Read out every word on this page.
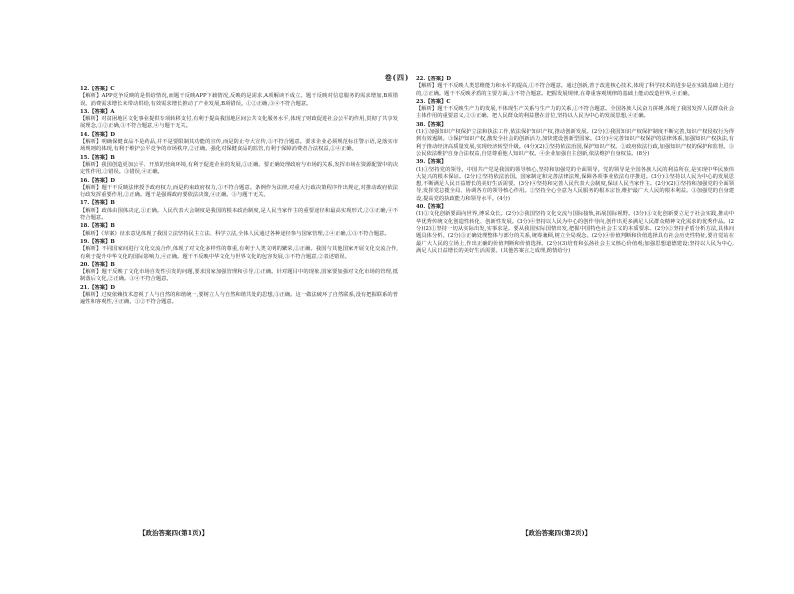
卷(四)
12.【答案】C
【解析】APP竞争反映的是供给情况,而题干反映APP下载情况,反映的是需求,A项解读不成立。题干反映对信息服务的需求增加,B项错误。消费需求增长未带动供给,有效需求增长推动了产业发展,B项错误。①②正确,③④不符合题意。
13.【答案】A
【解析】对贫困地区文化事业提供专项转移支付,有利于提高我国地区间公共文化服务水平,体现了财政促进社会公平的作用,贯彻了共享发展理念,①②正确,③不符合题意,④与题干无关。
14.【答案】D
【解析】明确保健食品不是药品,并不是要限制其功能的宣传,而是防止夸大宣传,③不符合题意。要求企业必须规范标注警示语,是落实市场规则的体现,有利于维护公平竞争的市场秩序,②正确。强化对保健食品的监管,有利于保障消费者合法权益,①④正确。
15.【答案】B
【解析】我国创造更加公平、开放的营商环境,有利于促进企业的发展,①正确。要正确处理政府与市场的关系,发挥市场在资源配置中的决定性作用,②错误。③错误,④正确。
16.【答案】D
【解析】题干不反映法律授予政府权力,而是约束政府权力,①不符合题意。条例作为法律,对重大行政决策程序作出规定,对推动政府依法行政发挥重要作用,②正确。题干是强调政府要依法决策,④正确。③与题干无关。
17.【答案】B
【解析】政体由国体决定,①正确。人民代表大会制度是我国的根本政治制度,是人民当家作主的重要途径和最高实现形式,②③正确,④不符合题意。
18.【答案】B
【解析】《草案》征求意见体现了我国立法坚持民主立法、科学立法,全体人民通过各种途径参与国家管理,②④正确,①③不符合题意。
19.【答案】B
【解析】不同国家间进行文化交流合作,体现了对文化多样性的尊重,有利于人类文明的繁荣,①正确。我国与其他国家开展文化交流合作,有利于提升中华文化的国际影响力,④正确。题干不反映中华文化与世界文化的包容发展,③不符合题意,②表述错误。
20.【答案】B
【解析】题干反映了文化市场自发性引发的问题,要求国家加强管理和引导,①正确。针对题目中的现象,国家要加强对文化市场的管理,抵制落后文化,②正确。③④不符合题意。
21.【答案】D
【解析】过度依赖技术忽视了人与自然的和谐统一,要树立人与自然和谐共处的思想,③正确。这一做法破坏了自然联系,没有把握联系的普遍性和客观性,④正确。①②不符合题意。
22.【答案】D
【解析】题干不反映人类思维能力和水平的提高,①不符合题意。通过创新,善于改进核心技术,体现了科学技术的进步是在实践基础上进行的,②正确。题干不反映矛盾的主要方面,③不符合题意。把握发展规律,在尊重客观规律的基础上能动改造世界,④正确。
23.【答案】C
【解析】题干不反映生产力的发展,不体现生产关系与生产力的关系,①不符合题意。全国各族人民奋力拼搏,体现了我国发挥人民群众社会主体作用的重要意义,②③正确。把人民群众的利益摆在首位,坚持以人民为中心的发展思想,④正确。
38.【答案】
(1)①加强知识产权保护立法和执法工作,依法保护知识产权,推动创新发展。(2分)②我国知识产权保护制度不断完善,知识产权侵权行为得到有效遏制。③保护知识产权,激发全社会的创新活力,加快建设创新型国家。(3分)④完善知识产权保护的法律体系,加强知识产权执法,有利于推动经济高质量发展,实现经济转型升级。(4分)(2)①坚持依法治国,保护知识产权。②政府依法行政,加强知识产权的保护和监督。③公民依法维护自身合法权益,自觉尊重他人知识产权。④企业加强自主创新,依法维护自身权益。(8分)
39.【答案】
(1)①坚持党的领导。中国共产党是我国的领导核心,坚持和加强党的全面领导。党的领导是全国各族人民的利益所在,是实现中华民族伟大复兴的根本保证。(2分)②坚持依法治国。国家制定和完善法律法规,保障各项事业依法有序推进。(3分)③坚持以人民为中心的发展思想,不断满足人民日益增长的美好生活需要。(3分)④坚持和完善人民代表大会制度,保证人民当家作主。(2分)(2)①坚持和加强党的全面领导,发挥党总揽全局、协调各方的领导核心作用。②坚持全心全意为人民服务的根本宗旨,维护最广大人民的根本利益。③加强党的自身建设,提高党的执政能力和领导水平。(4分)
40.【答案】
(1)①文化创新要面向世界,博采众长。(2分)②我国坚持文化交流与国际接轨,拓展国际视野。(3分)③文化创新要立足于社会实践,推动中华优秀传统文化创造性转化、创新性发展。(3分)④坚持以人民为中心的创作导向,创作出更多满足人民群众精神文化需求的优秀作品。(2分)(2)①坚持一切从实际出发,实事求是。要从我国实际国情出发,把握中国特色社会主义的本质要求。(2分)②坚持矛盾分析方法,具体问题具体分析。(2分)③正确处理整体与部分的关系,统筹兼顾,树立全局观念。(2分)④价值判断和价值选择具有社会历史性特征,要自觉站在最广大人民的立场上,作出正确的价值判断和价值选择。(2分)(3)培育和弘扬社会主义核心价值观;加强思想道德建设;坚持以人民为中心,满足人民日益增长的美好生活需要。(其他答案言之成理,酌情给分)
【政治答案四(第1页)】	【政治答案四(第2页)】
